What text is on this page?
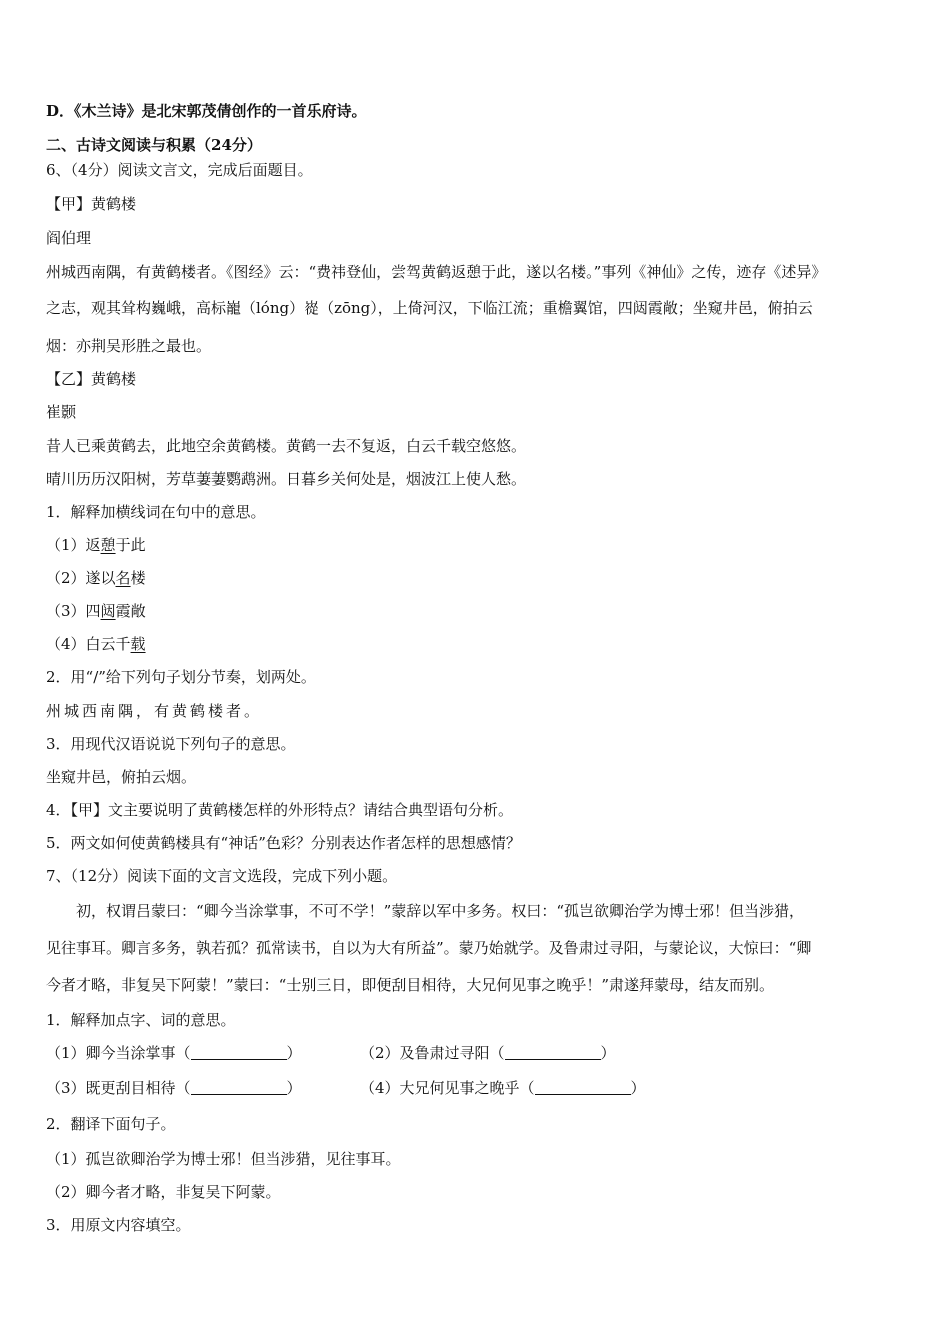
D．《木兰诗》是北宋郭茂倩创作的一首乐府诗。
二、古诗文阅读与积累（24分）
6、（4分）阅读文言文，完成后面题目。
【甲】黄鹤楼
阎伯理
州城西南隅，有黄鹤楼者。《图经》云：“费祎登仙，尝驾黄鹤返憩于此，遂以名楼。”事列《神仙》之传，迹存《述异》
之志，观其耸构巍峨，高标巃（lóng）嵸（zōng），上倚河汉，下临江流；重檐翼馆，四闼霞敞；坐窥井邑，俯拍云
烟：亦荆吴形胜之最也。
【乙】黄鹤楼
崔颢
昔人已乘黄鹤去，此地空余黄鹤楼。黄鹤一去不复返，白云千载空悠悠。
晴川历历汉阳树，芳草萋萋鹦鹉洲。日暮乡关何处是，烟波江上使人愁。
1．解释加横线词在句中的意思。
（1）返憩于此
（2）遂以名楼
（3）四闼霞敞
（4）白云千载
2．用“/”给下列句子划分节奏，划两处。
州城西南隅，有黄鹤楼者。
3．用现代汉语说说下列句子的意思。
坐窥井邑，俯拍云烟。
4．【甲】文主要说明了黄鹤楼怎样的外形特点？请结合典型语句分析。
5．两文如何使黄鹤楼具有“神话”色彩？分别表达作者怎样的思想感情？
7、（12分）阅读下面的文言文选段，完成下列小题。
初，权谓吕蒙曰：“卿今当涂掌事，不可不学！”蒙辞以军中多务。权曰：“孤岂欲卿治学为博士邪！但当涉猎，
见往事耳。卿言多务，孰若孤？孤常读书，自以为大有所益”。蒙乃始就学。及鲁肃过寻阳，与蒙论议，大惊曰：“卿
今者才略，非复吴下阿蒙！”蒙曰：“士别三日，即便刮目相待，大兄何见事之晚乎！”肃遂拜蒙母，结友而别。
1．解释加点字、词的意思。
（1）卿今当涂掌事（	）	（2）及鲁肃过寻阳（	）
（3）既更刮目相待（	）	（4）大兄何见事之晚乎（	）
2．翻译下面句子。
（1）孤岂欲卿治学为博士邪！但当涉猎，见往事耳。
（2）卿今者才略，非复吴下阿蒙。
3．用原文内容填空。
